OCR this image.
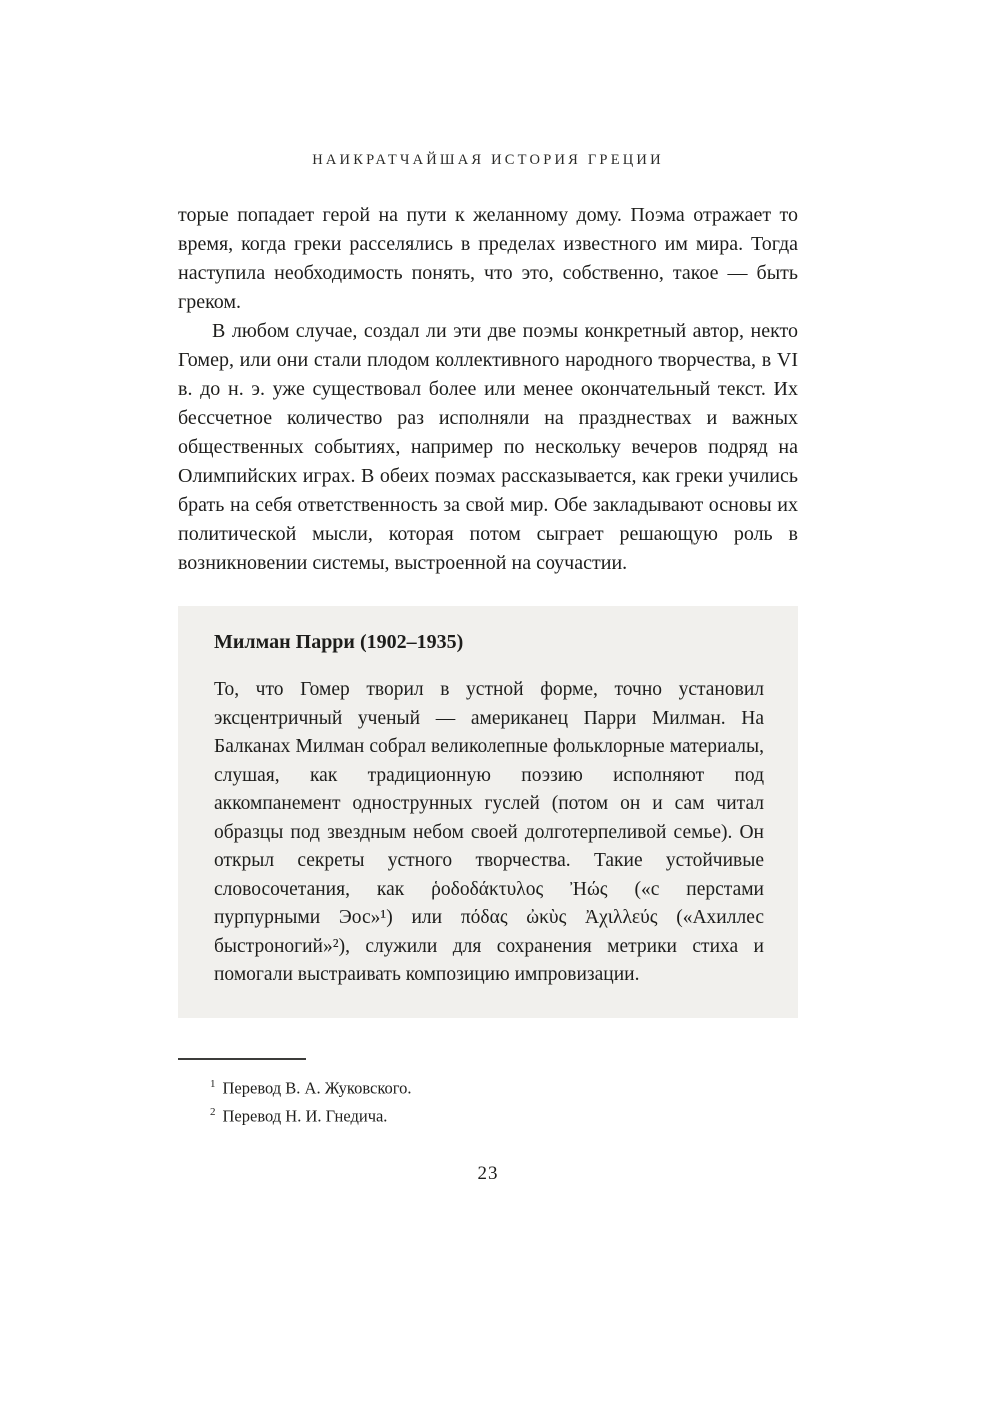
НАИКРАТЧАЙШАЯ ИСТОРИЯ ГРЕЦИИ

торые попадает герой на пути к желанному дому. Поэма отражает то время, когда греки расселялись в пределах известного им мира. Тогда наступила необходимость понять, что это, собственно, такое — быть греком.

В любом случае, создал ли эти две поэмы конкретный автор, некто Гомер, или они стали плодом коллективного народного творчества, в VI в. до н. э. уже существовал более или менее окончательный текст. Их бессчетное количество раз исполняли на празднествах и важных общественных событиях, например по нескольку вечеров подряд на Олимпийских играх. В обеих поэмах рассказывается, как греки учились брать на себя ответственность за свой мир. Обе закладывают основы их политической мысли, которая потом сыграет решающую роль в возникновении системы, выстроенной на соучастии.

Милман Парри (1902–1935)

То, что Гомер творил в устной форме, точно установил эксцентричный ученый — американец Парри Милман. На Балканах Милман собрал великолепные фольклорные материалы, слушая, как традиционную поэзию исполняют под аккомпанемент однострунных гуслей (потом он и сам читал образцы под звездным небом своей долготерпеливой семье). Он открыл секреты устного творчества. Такие устойчивые словосочетания, как ῥοδοδάκτυλος Ἠώς («с перстами пурпурными Эос»¹) или πόδας ὠκὺς Ἀχιλλεύς («Ахиллес быстроногий»²), служили для сохранения метрики стиха и помогали выстраивать композицию импровизации.

$^1$ Перевод В. А. Жуковского.

$^2$ Перевод Н. И. Гнедича.

23
